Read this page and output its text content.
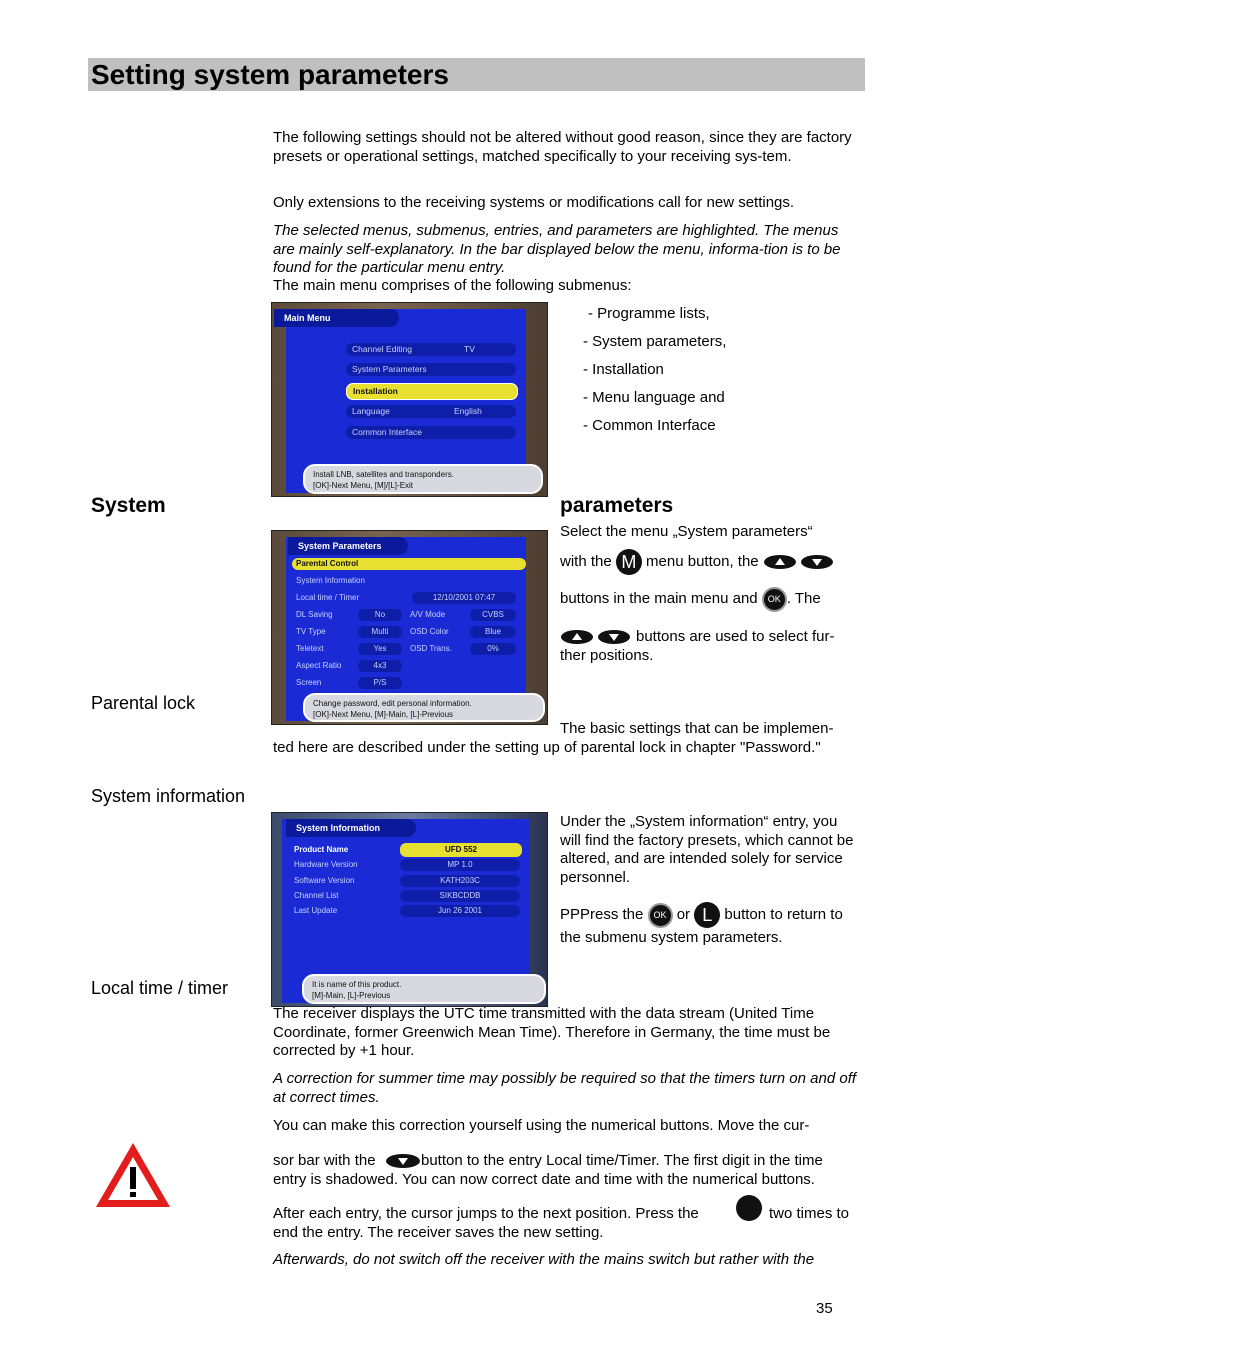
Setting system parameters
The following settings should not be altered without good reason, since they are factory presets or operational settings, matched specifically to your receiving sys-tem.
Only extensions to the receiving systems or modifications call for new settings.
The selected menus, submenus, entries, and parameters are highlighted. The menus are mainly self-explanatory. In the bar displayed below the menu, informa-tion is to be found for the particular menu entry.
The main menu comprises of the following submenus:
Main Menu
Channel Editing	TV
System Parameters
Installation
Language	English
Common Interface
Install LNB, satellites and transponders.
[OK]-Next Menu, [M]/[L]-Exit
- Programme lists,
- System parameters,
- Installation
- Menu language and
- Common Interface
System	parameters
System Parameters
Parental Control
System Information
Local time / Timer	12/10/2001 07:47
DL Saving	No	A/V Mode	CVBS
TV Type	Multi	OSD Color	Blue
Teletext	Yes	OSD Trans.	0%
Aspect Ratio	4x3
Screen	P/S
Change password, edit personal information.
[OK]-Next Menu, [M]-Main, [L]-Previous
Select the menu „System parameters“
with the M menu button, the
buttons in the main menu and OK . The
buttons are used to select fur-ther positions.
Parental lock
The basic settings that can be implemen-
ted here are described under the setting up of parental lock in chapter "Password."
System information
System Information
Product Name	UFD 552
Hardware Version	MP 1.0
Software Version	KATH203C
Channel List	SIKBCDDB
Last Update	Jun 26 2001
It is name of this product.
[M]-Main, [L]-Previous
Under the „System information“ entry, you will find the factory presets, which cannot be altered, and are intended solely for service personnel.
PPPress the OK or L button to return to the submenu system parameters.
Local time / timer
The receiver displays the UTC time transmitted with the data stream (United Time Coordinate, former Greenwich Mean Time). Therefore in Germany, the time must be corrected by +1 hour.
A correction for summer time may possibly be required so that the timers turn on and off at correct times.
You can make this correction yourself using the numerical buttons. Move the cur-
sor bar with the	button to the entry Local time/Timer. The first digit in the time entry is shadowed. You can now correct date and time with the numerical buttons.
After each entry, the cursor jumps to the next position. Press the	M
two times to end the entry. The receiver saves the new setting.
Afterwards, do not switch off the receiver with the mains switch but rather with the
35
